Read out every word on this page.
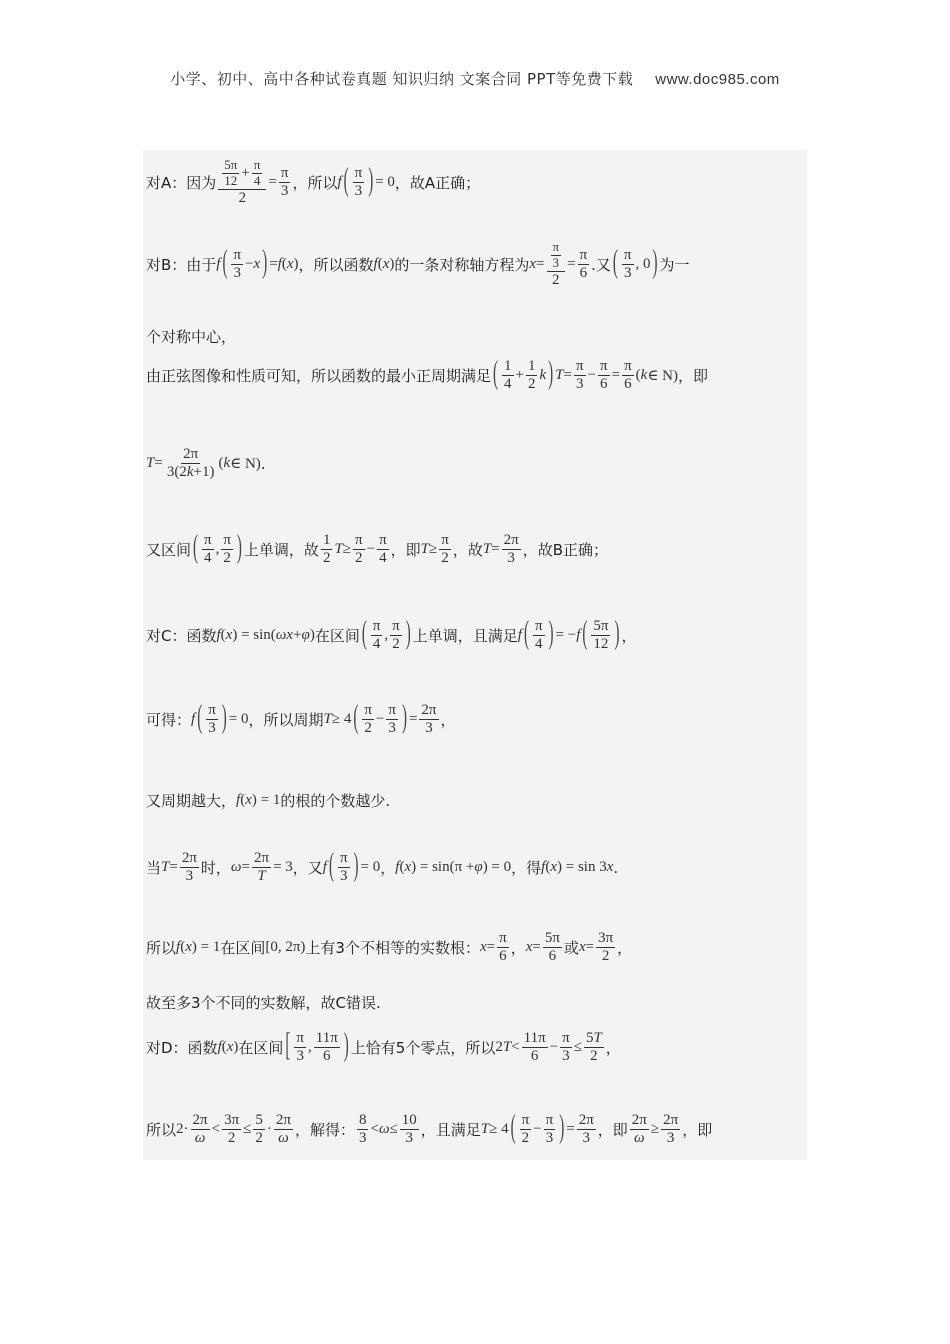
小学、初中、高中各种试卷真题 知识归纳 文案合同 PPT等免费下载 www.doc985.com
对A：因为 $\frac{\frac{5\pi}{12} + \frac{\pi}{4}}{2} = \frac{\pi}{3}$ ，所以 f ( $\frac{\pi}{3}$ ) = 0 ，故A正确；
对B：由于 f ( $\frac{\pi}{3} - x$ ) = f ( x ) ，所以函数 f ( x ) 的一条对称轴方程为 $x = \frac{\frac{\pi}{3}}{2} = \frac{\pi}{6}$ .又 ( $\frac{\pi}{3}$ , 0 ) 为一
个对称中心，
由正弦图像和性质可知，所以函数的最小正周期满足 ( $\frac{1}{4} + \frac{1}{2}$ k ) $T = \frac{\pi}{3} - \frac{\pi}{6} = \frac{\pi}{6}$ ( k ∈ N) ，即
$T = \frac{2\pi}{3(2k+1)}$ ( k ∈ N) .
又区间 ( $\frac{\pi}{4}$ , $\frac{\pi}{2}$ ) 上单调，故 $\frac{1}{2}$ $T \ge \frac{\pi}{2} - \frac{\pi}{4}$ ，即 $T \ge \frac{\pi}{2}$ ，故 $T = \frac{2\pi}{3}$ ，故B正确；
对C：函数 f ( x ) = sin( ωx + φ ) 在区间 ( $\frac{\pi}{4}$ , $\frac{\pi}{2}$ ) 上单调，且满足 f ( $\frac{\pi}{4}$ ) = − f ( $\frac{5\pi}{12}$ ) ，
可得： f ( $\frac{\pi}{3}$ ) = 0 ，所以周期 T ≥ 4 ( $\frac{\pi}{2} - \frac{\pi}{3}$ ) = $\frac{2\pi}{3}$ ，
又周期越大， f ( x ) = 1 的根的个数越少.
当 $T = \frac{2\pi}{3}$ 时， $\omega = \frac{2\pi}{T} = 3$ ，又 f ( $\frac{\pi}{3}$ ) = 0 ， f ( x ) = sin(π + φ ) = 0 ，得 f ( x ) = sin 3 x .
所以 f ( x ) = 1 在区间 [0, 2π) 上有3个不相等的实数根： $x = \frac{\pi}{6}$ ， $x = \frac{5\pi}{6}$ 或 $x = \frac{3\pi}{2}$ ，
故至多3个不同的实数解，故C错误.
对D：函数 f ( x ) 在区间 [ $\frac{\pi}{3}$ , $\frac{11\pi}{6}$ ) 上恰有5个零点，所以 2 $T < \frac{11\pi}{6} - \frac{\pi}{3} \le \frac{5T}{2}$ ，
所以 $2\cdot \frac{2\pi}{\omega} < \frac{3\pi}{2} \le \frac{5}{2} \cdot \frac{2\pi}{\omega}$ ，解得： $\frac{8}{3} < \omega \le \frac{10}{3}$ ，且满足 T ≥ 4 ( $\frac{\pi}{2} - \frac{\pi}{3}$ ) = $\frac{2\pi}{3}$ ，即 $\frac{2\pi}{\omega} \ge \frac{2\pi}{3}$ ，即
